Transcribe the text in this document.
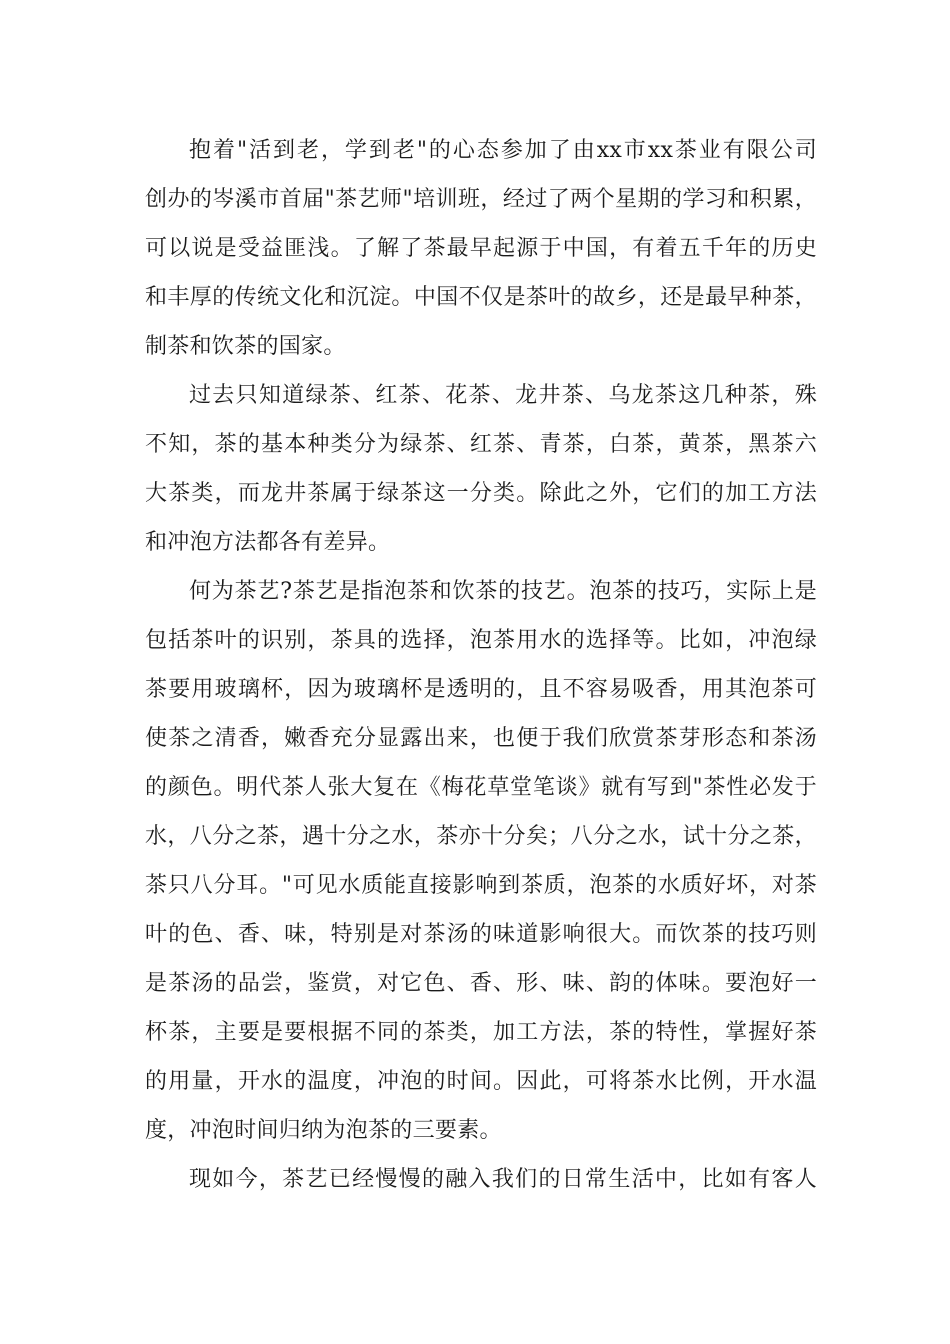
抱着"活到老，学到老"的心态参加了由xx市xx茶业有限公司
创办的岑溪市首届"茶艺师"培训班，经过了两个星期的学习和积累，
可以说是受益匪浅。了解了茶最早起源于中国，有着五千年的历史
和丰厚的传统文化和沉淀。中国不仅是茶叶的故乡，还是最早种茶，
制茶和饮茶的国家。
过去只知道绿茶、红茶、花茶、龙井茶、乌龙茶这几种茶，殊
不知，茶的基本种类分为绿茶、红茶、青茶，白茶，黄茶，黑茶六
大茶类，而龙井茶属于绿茶这一分类。除此之外，它们的加工方法
和冲泡方法都各有差异。
何为茶艺?茶艺是指泡茶和饮茶的技艺。泡茶的技巧，实际上是
包括茶叶的识别，茶具的选择，泡茶用水的选择等。比如，冲泡绿
茶要用玻璃杯，因为玻璃杯是透明的，且不容易吸香，用其泡茶可
使茶之清香，嫩香充分显露出来，也便于我们欣赏茶芽形态和茶汤
的颜色。明代茶人张大复在《梅花草堂笔谈》就有写到"茶性必发于
水，八分之茶，遇十分之水，茶亦十分矣；八分之水，试十分之茶，
茶只八分耳。"可见水质能直接影响到茶质，泡茶的水质好坏，对茶
叶的色、香、味，特别是对茶汤的味道影响很大。而饮茶的技巧则
是茶汤的品尝，鉴赏，对它色、香、形、味、韵的体味。要泡好一
杯茶，主要是要根据不同的茶类，加工方法，茶的特性，掌握好茶
的用量，开水的温度，冲泡的时间。因此，可将茶水比例，开水温
度，冲泡时间归纳为泡茶的三要素。
现如今，茶艺已经慢慢的融入我们的日常生活中，比如有客人
